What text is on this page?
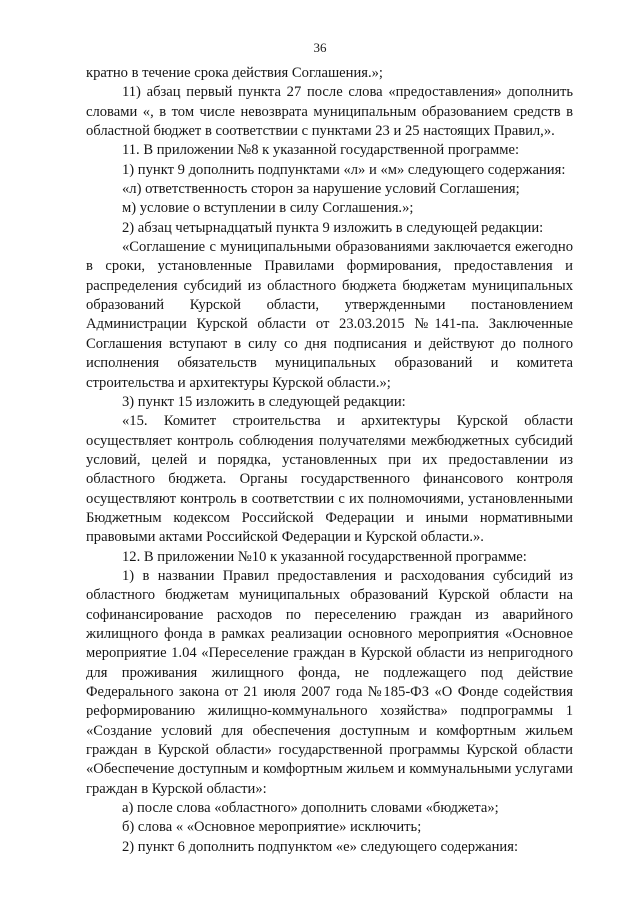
36

кратно в течение срока действия Соглашения.»;

11) абзац первый пункта 27 после слова «предоставления» дополнить словами «, в том числе невозврата муниципальным образованием средств в областной бюджет в соответствии с пунктами 23 и 25 настоящих Правил,».

11. В приложении №8 к указанной государственной программе:

1) пункт 9 дополнить подпунктами «л» и «м» следующего содержания:

«л) ответственность сторон за нарушение условий Соглашения;

м) условие о вступлении в силу Соглашения.»;

2) абзац четырнадцатый пункта 9 изложить в следующей редакции:

«Соглашение с муниципальными образованиями заключается ежегодно в сроки, установленные Правилами формирования, предоставления и распределения субсидий из областного бюджета бюджетам муниципальных образований Курской области, утвержденными постановлением Администрации Курской области от 23.03.2015 №141-па. Заключенные Соглашения вступают в силу со дня подписания и действуют до полного исполнения обязательств муниципальных образований и комитета строительства и архитектуры Курской области.»;

3) пункт 15 изложить в следующей редакции:

«15. Комитет строительства и архитектуры Курской области осуществляет контроль соблюдения получателями межбюджетных субсидий условий, целей и порядка, установленных при их предоставлении из областного бюджета. Органы государственного финансового контроля осуществляют контроль в соответствии с их полномочиями, установленными Бюджетным кодексом Российской Федерации и иными нормативными правовыми актами Российской Федерации и Курской области.».

12. В приложении №10 к указанной государственной программе:

1) в названии Правил предоставления и расходования субсидий из областного бюджетам муниципальных образований Курской области на софинансирование расходов по переселению граждан из аварийного жилищного фонда в рамках реализации основного мероприятия «Основное мероприятие 1.04 «Переселение граждан в Курской области из непригодного для проживания жилищного фонда, не подлежащего под действие Федерального закона от 21 июля 2007 года №185-ФЗ «О Фонде содействия реформированию жилищно-коммунального хозяйства» подпрограммы 1 «Создание условий для обеспечения доступным и комфортным жильем граждан в Курской области» государственной программы Курской области «Обеспечение доступным и комфортным жильем и коммунальными услугами граждан в Курской области»:

а) после слова «областного» дополнить словами «бюджета»;

б) слова « «Основное мероприятие» исключить;

2) пункт 6 дополнить подпунктом «е» следующего содержания:
